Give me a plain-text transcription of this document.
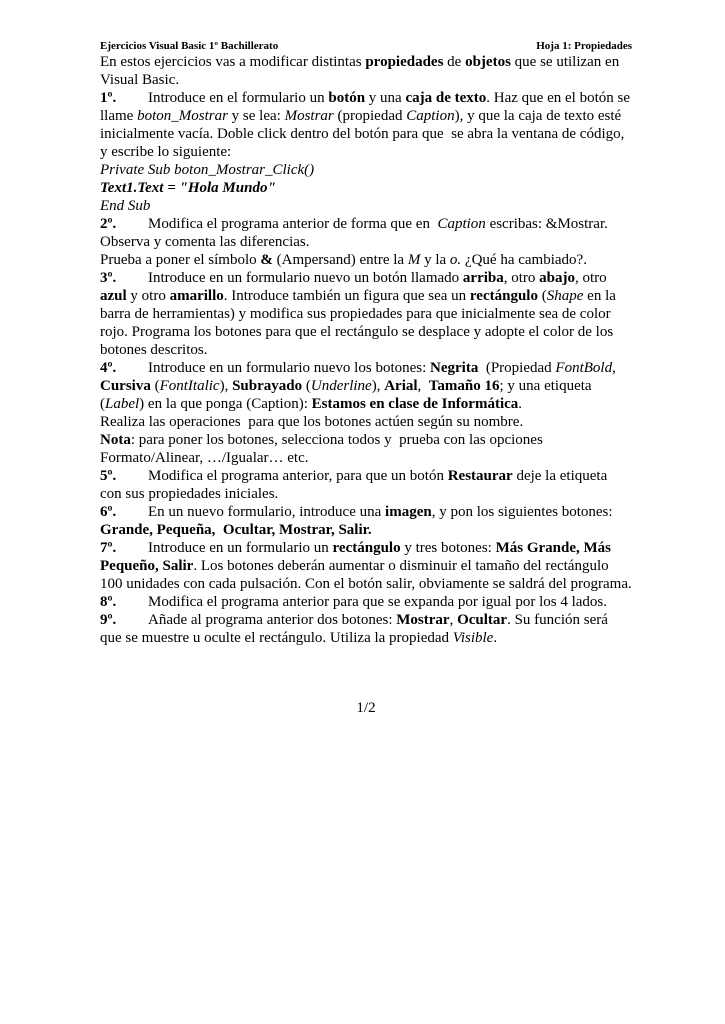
Ejercicios Visual Basic 1º Bachillerato	Hoja 1: Propiedades

En estos ejercicios vas a modificar distintas propiedades de objetos que se utilizan en Visual Basic.

1º. Introduce en el formulario un botón y una caja de texto. Haz que en el botón se llame boton_Mostrar y se lea: Mostrar (propiedad Caption), y que la caja de texto esté inicialmente vacía. Doble click dentro del botón para que  se abra la ventana de código, y escribe lo siguiente:

Private Sub boton_Mostrar_Click()
Text1.Text = "Hola Mundo"
End Sub

2º. Modifica el programa anterior de forma que en  Caption escribas: &Mostrar.
Observa y comenta las diferencias.
Prueba a poner el símbolo & (Ampersand) entre la M y la o. ¿Qué ha cambiado?.

3º. Introduce en un formulario nuevo un botón llamado arriba, otro abajo, otro azul y otro amarillo. Introduce también un figura que sea un rectángulo (Shape en la barra de herramientas) y modifica sus propiedades para que inicialmente sea de color rojo. Programa los botones para que el rectángulo se desplace y adopte el color de los botones descritos.

4º. Introduce en un formulario nuevo los botones: Negrita  (Propiedad FontBold, Cursiva (FontItalic), Subrayado (Underline), Arial,  Tamaño 16; y una etiqueta (Label) en la que ponga (Caption): Estamos en clase de Informática.
Realiza las operaciones  para que los botones actúen según su nombre.
Nota: para poner los botones, selecciona todos y  prueba con las opciones Formato/Alinear, …/Igualar… etc.

5º. Modifica el programa anterior, para que un botón Restaurar deje la etiqueta con sus propiedades iniciales.

6º. En un nuevo formulario, introduce una imagen, y pon los siguientes botones:
Grande, Pequeña,  Ocultar, Mostrar, Salir.

7º. Introduce en un formulario un rectángulo y tres botones: Más Grande, Más Pequeño, Salir. Los botones deberán aumentar o disminuir el tamaño del rectángulo 100 unidades con cada pulsación. Con el botón salir, obviamente se saldrá del programa.

8º. Modifica el programa anterior para que se expanda por igual por los 4 lados.

9º. Añade al programa anterior dos botones: Mostrar, Ocultar. Su función será que se muestre u oculte el rectángulo. Utiliza la propiedad Visible.

1/2
